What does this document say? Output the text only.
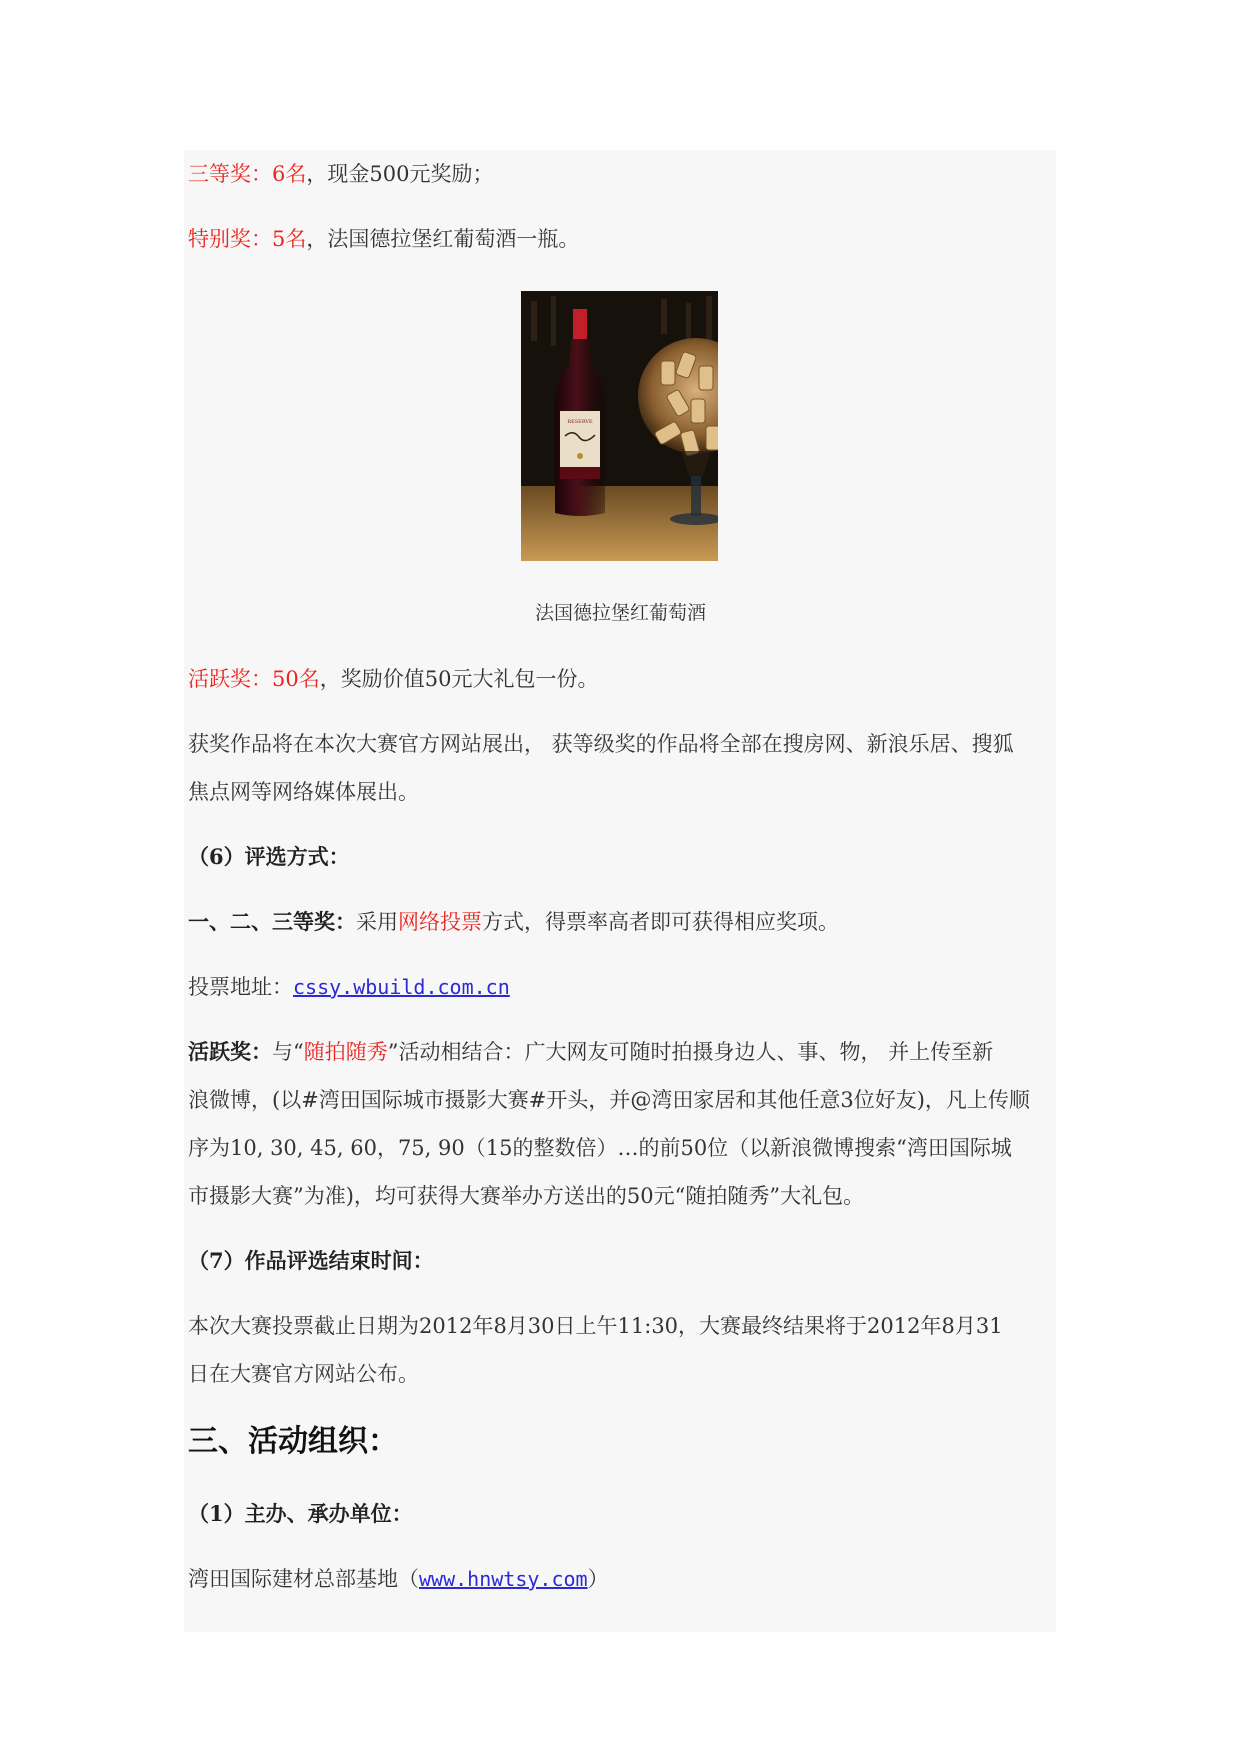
三等奖：6名，现金500元奖励；

特别奖：5名，法国德拉堡红葡萄酒一瓶。

RESERVE
法国德拉堡红葡萄酒

活跃奖：50名，奖励价值50元大礼包一份。

获奖作品将在本次大赛官方网站展出， 获等级奖的作品将全部在搜房网、新浪乐居、搜狐

焦点网等网络媒体展出。

（6）评选方式：

一、二、三等奖：采用网络投票方式，得票率高者即可获得相应奖项。

投票地址：cssy.wbuild.com.cn

活跃奖：与“随拍随秀”活动相结合：广大网友可随时拍摄身边人、事、物， 并上传至新

浪微博，(以#湾田国际城市摄影大赛#开头，并@湾田家居和其他任意3位好友)，凡上传顺

序为10, 30, 45, 60，75, 90（15的整数倍）…的前50位（以新浪微博搜索“湾田国际城

市摄影大赛”为准)，均可获得大赛举办方送出的50元“随拍随秀”大礼包。

（7）作品评选结束时间：

本次大赛投票截止日期为2012年8月30日上午11:30，大赛最终结果将于2012年8月31

日在大赛官方网站公布。

三、活动组织：

（1）主办、承办单位：

湾田国际建材总部基地（www.hnwtsy.com）
